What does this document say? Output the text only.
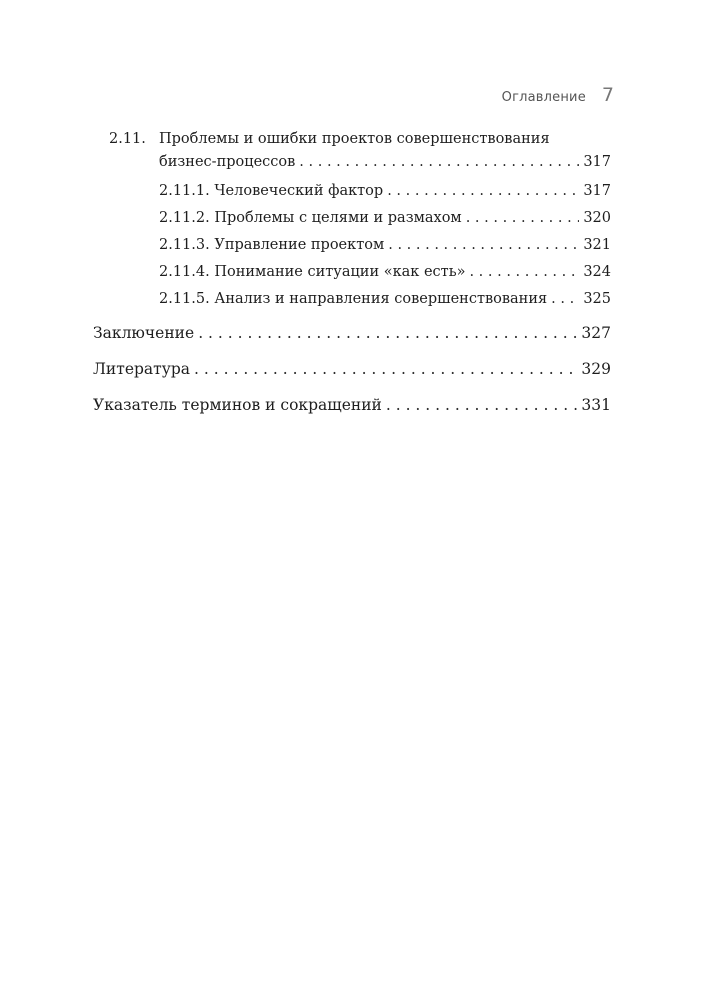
Оглавление 7
2.11. Проблемы и ошибки проектов совершенствования
бизнес-процессов . . .	317
2.11.1. Человеческий фактор . . .	317
2.11.2. Проблемы с целями и размахом . . .	320
2.11.3. Управление проектом . . .	321
2.11.4. Понимание ситуации «как есть» . . .	324
2.11.5. Анализ и направления совершенствования . . . 325
Заключение . . .	327
Литература . . .	329
Указатель терминов и сокращений . . .	331
